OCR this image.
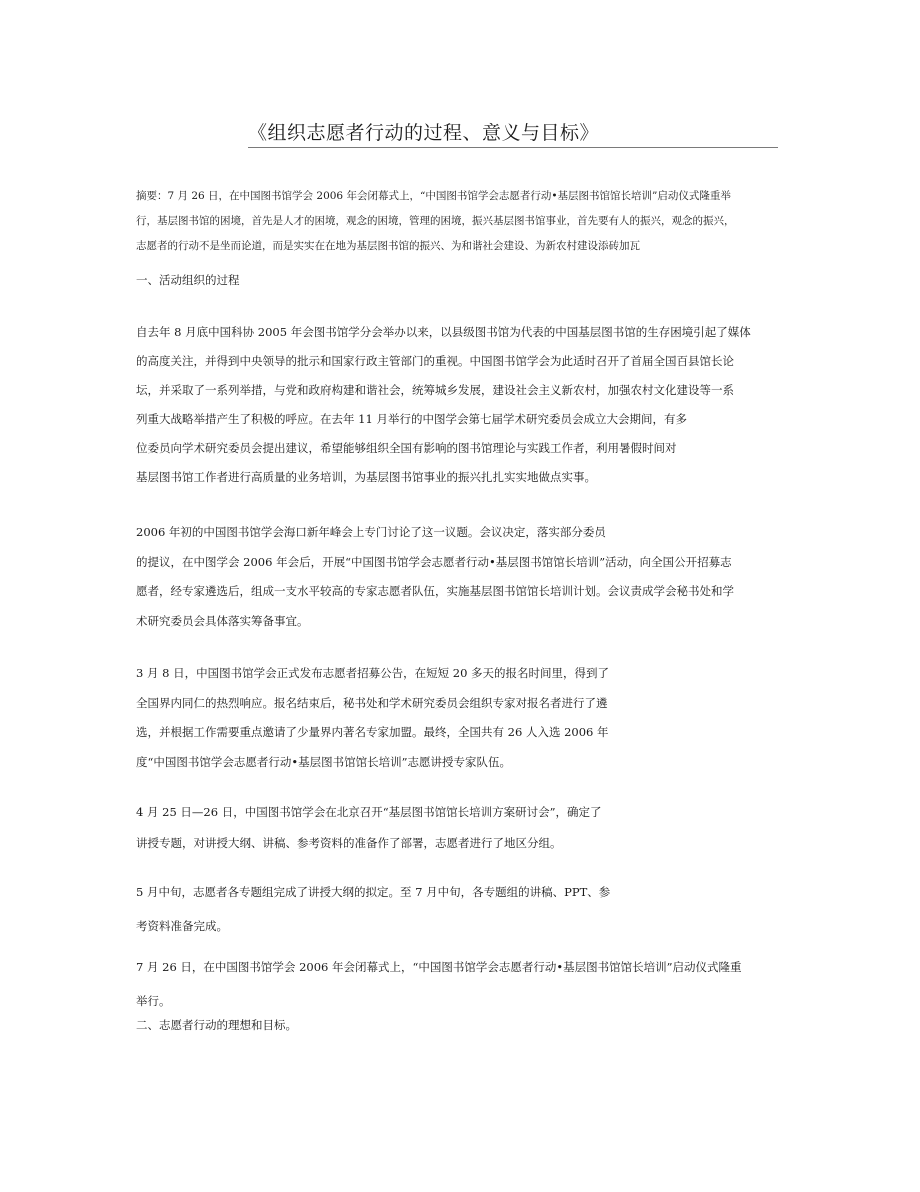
《组织志愿者行动的过程、意义与目标》
摘要：7 月 26 日，在中国图书馆学会 2006 年会闭幕式上，“中国图书馆学会志愿者行动•基层图书馆馆长培训”启动仪式隆重举
行，基层图书馆的困境，首先是人才的困境，观念的困境，管理的困境，振兴基层图书馆事业，首先要有人的振兴，观念的振兴，
志愿者的行动不是坐而论道，而是实实在在地为基层图书馆的振兴、为和谐社会建设、为新农村建设添砖加瓦
一、活动组织的过程
自去年 8 月底中国科协 2005 年会图书馆学分会举办以来，以县级图书馆为代表的中国基层图书馆的生存困境引起了媒体
的高度关注，并得到中央领导的批示和国家行政主管部门的重视。中国图书馆学会为此适时召开了首届全国百县馆长论
坛，并采取了一系列举措，与党和政府构建和谐社会，统筹城乡发展，建设社会主义新农村，加强农村文化建设等一系
列重大战略举措产生了积极的呼应。在去年 11 月举行的中图学会第七届学术研究委员会成立大会期间，有多
位委员向学术研究委员会提出建议，希望能够组织全国有影响的图书馆理论与实践工作者，利用暑假时间对
基层图书馆工作者进行高质量的业务培训，为基层图书馆事业的振兴扎扎实实地做点实事。
2006 年初的中国图书馆学会海口新年峰会上专门讨论了这一议题。会议决定，落实部分委员
的提议，在中图学会 2006 年会后，开展“中国图书馆学会志愿者行动•基层图书馆馆长培训”活动，向全国公开招募志
愿者，经专家遴选后，组成一支水平较高的专家志愿者队伍，实施基层图书馆馆长培训计划。会议责成学会秘书处和学
术研究委员会具体落实筹备事宜。
3 月 8 日，中国图书馆学会正式发布志愿者招募公告，在短短 20 多天的报名时间里，得到了
全国界内同仁的热烈响应。报名结束后，秘书处和学术研究委员会组织专家对报名者进行了遴
选，并根据工作需要重点邀请了少量界内著名专家加盟。最终，全国共有 26 人入选 2006 年
度“中国图书馆学会志愿者行动•基层图书馆馆长培训”志愿讲授专家队伍。
4 月 25 日—26 日，中国图书馆学会在北京召开“基层图书馆馆长培训方案研讨会”，确定了
讲授专题，对讲授大纲、讲稿、参考资料的准备作了部署，志愿者进行了地区分组。
5 月中旬，志愿者各专题组完成了讲授大纲的拟定。至 7 月中旬，各专题组的讲稿、PPT、参
考资料准备完成。
7 月 26 日，在中国图书馆学会 2006 年会闭幕式上，“中国图书馆学会志愿者行动•基层图书馆馆长培训”启动仪式隆重
举行。
二、志愿者行动的理想和目标。
